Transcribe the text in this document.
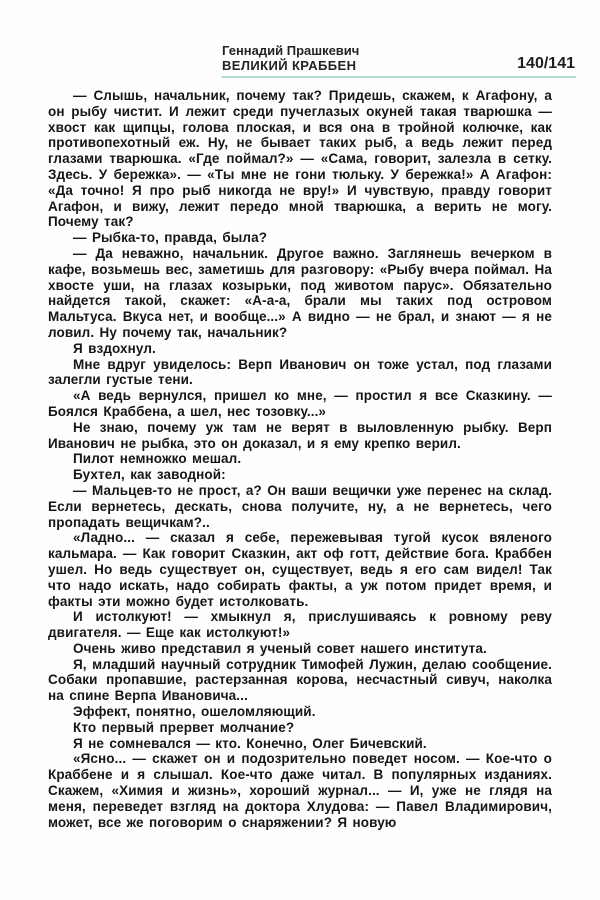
Геннадий Прашкевич
ВЕЛИКИЙ КРАББЕН	140/141

— Слышь, начальник, почему так? Придешь, скажем, к Агафону, а он рыбу чистит. И лежит среди пучеглазых окуней такая тварюшка — хвост как щипцы, голова плоская, и вся она в тройной колючке, как противопехотный еж. Ну, не бывает таких рыб, а ведь лежит перед глазами тварюшка. «Где поймал?» — «Сама, говорит, залезла в сетку. Здесь. У бережка». — «Ты мне не гони тюльку. У бережка!» А Агафон: «Да точно! Я про рыб никогда не вру!» И чувствую, правду говорит Агафон, и вижу, лежит передо мной тварюшка, а верить не могу. Почему так?

— Рыбка-то, правда, была?

— Да неважно, начальник. Другое важно. Заглянешь вечерком в кафе, возьмешь вес, заметишь для разговору: «Рыбу вчера поймал. На хвосте уши, на глазах козырьки, под животом парус». Обязательно найдется такой, скажет: «А-а-а, брали мы таких под островом Мальтуса. Вкуса нет, и вообще...» А видно — не брал, и знают — я не ловил. Ну почему так, начальник?

Я вздохнул.

Мне вдруг увиделось: Верп Иванович он тоже устал, под глазами залегли густые тени.

«А ведь вернулся, пришел ко мне, — простил я все Сказкину. — Боялся Краббена, а шел, нес тозовку...»

Не знаю, почему уж там не верят в выловленную рыбку. Верп Иванович не рыбка, это он доказал, и я ему крепко верил.

Пилот немножко мешал.

Бухтел, как заводной:

— Мальцев-то не прост, а? Он ваши вещички уже перенес на склад. Если вернетесь, дескать, снова получите, ну, а не вернетесь, чего пропадать вещичкам?..

«Ладно... — сказал я себе, пережевывая тугой кусок вяленого кальмара. — Как говорит Сказкин, акт оф готт, действие бога. Краббен ушел. Но ведь существует он, существует, ведь я его сам видел! Так что надо искать, надо собирать факты, а уж потом придет время, и факты эти можно будет истолковать.

И истолкуют! — хмыкнул я, прислушиваясь к ровному реву двигателя. — Еще как истолкуют!»

Очень живо представил я ученый совет нашего института.

Я, младший научный сотрудник Тимофей Лужин, делаю сообщение. Собаки пропавшие, растерзанная корова, несчастный сивуч, наколка на спине Верпа Ивановича...

Эффект, понятно, ошеломляющий.

Кто первый прервет молчание?

Я не сомневался — кто. Конечно, Олег Бичевский.

«Ясно... — скажет он и подозрительно поведет носом. — Кое-что о Краббене и я слышал. Кое-что даже читал. В популярных изданиях. Скажем, «Химия и жизнь», хороший журнал... — И, уже не глядя на меня, переведет взгляд на доктора Хлудова: — Павел Владимирович, может, все же поговорим о снаряжении? Я новую
